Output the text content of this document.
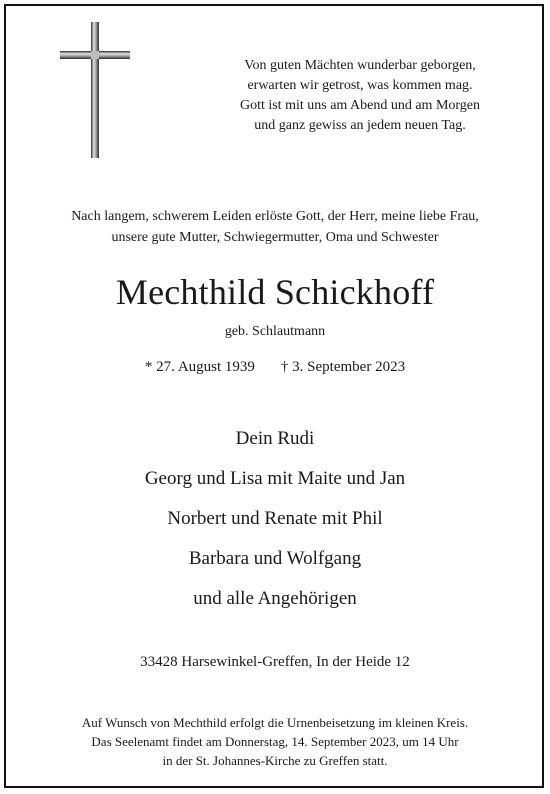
Von guten Mächten wunderbar geborgen,
erwarten wir getrost, was kommen mag.
Gott ist mit uns am Abend und am Morgen
und ganz gewiss an jedem neuen Tag.
Nach langem, schwerem Leiden erlöste Gott, der Herr, meine liebe Frau,
unsere gute Mutter, Schwiegermutter, Oma und Schwester
Mechthild Schickhoff
geb. Schlautmann
* 27. August 1939 † 3. September 2023
Dein Rudi
Georg und Lisa mit Maite und Jan
Norbert und Renate mit Phil
Barbara und Wolfgang
und alle Angehörigen
33428 Harsewinkel-Greffen, In der Heide 12
Auf Wunsch von Mechthild erfolgt die Urnenbeisetzung im kleinen Kreis.
Das Seelenamt findet am Donnerstag, 14. September 2023, um 14 Uhr
in der St. Johannes-Kirche zu Greffen statt.
